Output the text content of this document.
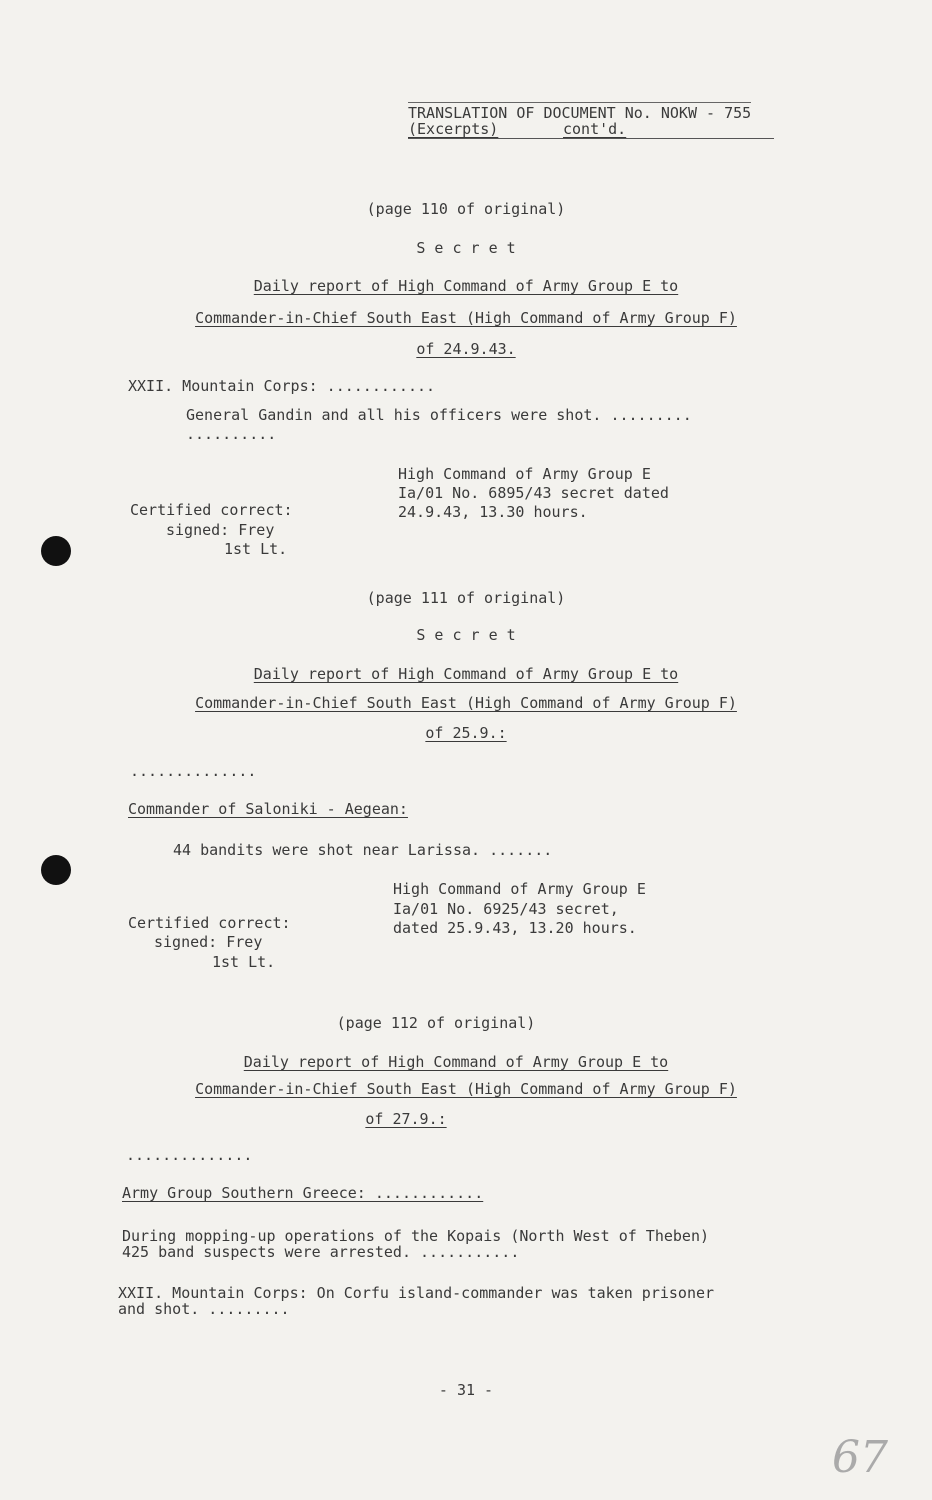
TRANSLATION OF DOCUMENT No. NOKW - 755
(Excerpts)	cont'd.
(page 110 of original)
S e c r e t
Daily report of High Command of Army Group E to
Commander-in-Chief South East (High Command of Army Group F)
of 24.9.43.
XXII. Mountain Corps: ............
General Gandin and all his officers were shot. .........
..........
High Command of Army Group E
Ia/01 No. 6895/43 secret dated
24.9.43, 13.30 hours.
Certified correct:
signed: Frey
1st Lt.
(page 111 of original)
S e c r e t
Daily report of High Command of Army Group E to
Commander-in-Chief South East (High Command of Army Group F)
of 25.9.:
..............
Commander of Saloniki - Aegean:
44 bandits were shot near Larissa. .......
High Command of Army Group E
Ia/01 No. 6925/43 secret,
dated 25.9.43, 13.20 hours.
Certified correct:
signed: Frey
1st Lt.
(page 112 of original)
Daily report of High Command of Army Group E to
Commander-in-Chief South East (High Command of Army Group F)
of 27.9.:
..............
Army Group Southern Greece: ............
During mopping-up operations of the Kopais (North West of Theben)
425 band suspects were arrested. ...........
XXII. Mountain Corps: On Corfu island-commander was taken prisoner
and shot. .........
- 31 -
67
